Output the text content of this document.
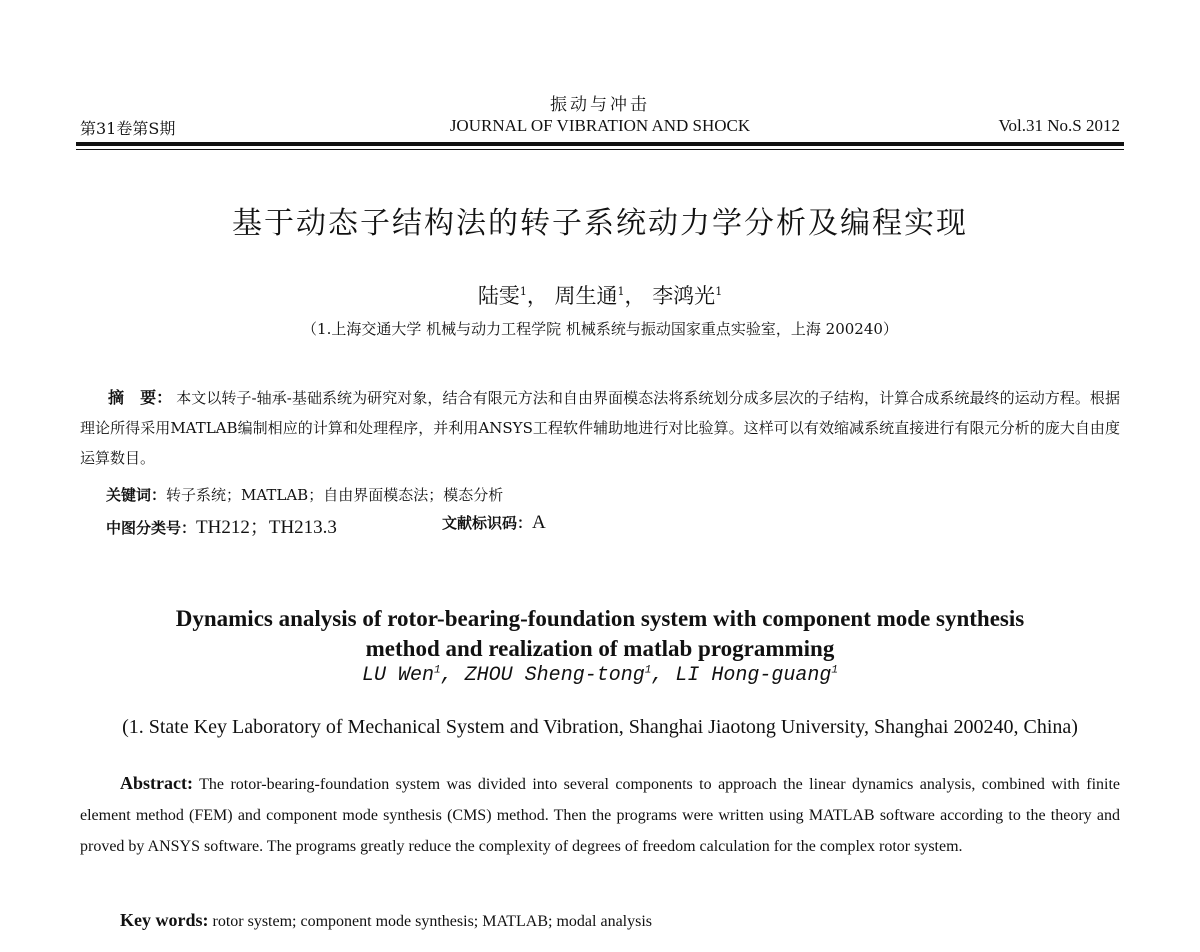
振动与冲击
JOURNAL OF VIBRATION AND SHOCK
第31卷第S期	Vol.31 No.S 2012
基于动态子结构法的转子系统动力学分析及编程实现
陆雯$^1$， 周生通$^1$， 李鸿光$^1$
（1.上海交通大学 机械与动力工程学院 机械系统与振动国家重点实验室，上海 200240）
摘　要： 本文以转子-轴承-基础系统为研究对象，结合有限元方法和自由界面模态法将系统划分成多层次的子结构，计算合成系统最终的运动方程。根据理论所得采用MATLAB编制相应的计算和处理程序，并利用ANSYS工程软件辅助地进行对比验算。这样可以有效缩减系统直接进行有限元分析的庞大自由度运算数目。
关键词：转子系统；MATLAB；自由界面模态法；模态分析
中图分类号：TH212；TH213.3	文献标识码：A
Dynamics analysis of rotor-bearing-foundation system with component mode synthesis
method and realization of matlab programming
LU Wen$^1$, ZHOU Sheng-tong$^1$, LI Hong-guang$^1$
(1. State Key Laboratory of Mechanical System and Vibration, Shanghai Jiaotong University, Shanghai 200240, China)
Abstract: The rotor-bearing-foundation system was divided into several components to approach the linear dynamics analysis, combined with finite element method (FEM) and component mode synthesis (CMS) method. Then the programs were written using MATLAB software according to the theory and proved by ANSYS software. The programs greatly reduce the complexity of degrees of freedom calculation for the complex rotor system.
Key words: rotor system; component mode synthesis; MATLAB; modal analysis
